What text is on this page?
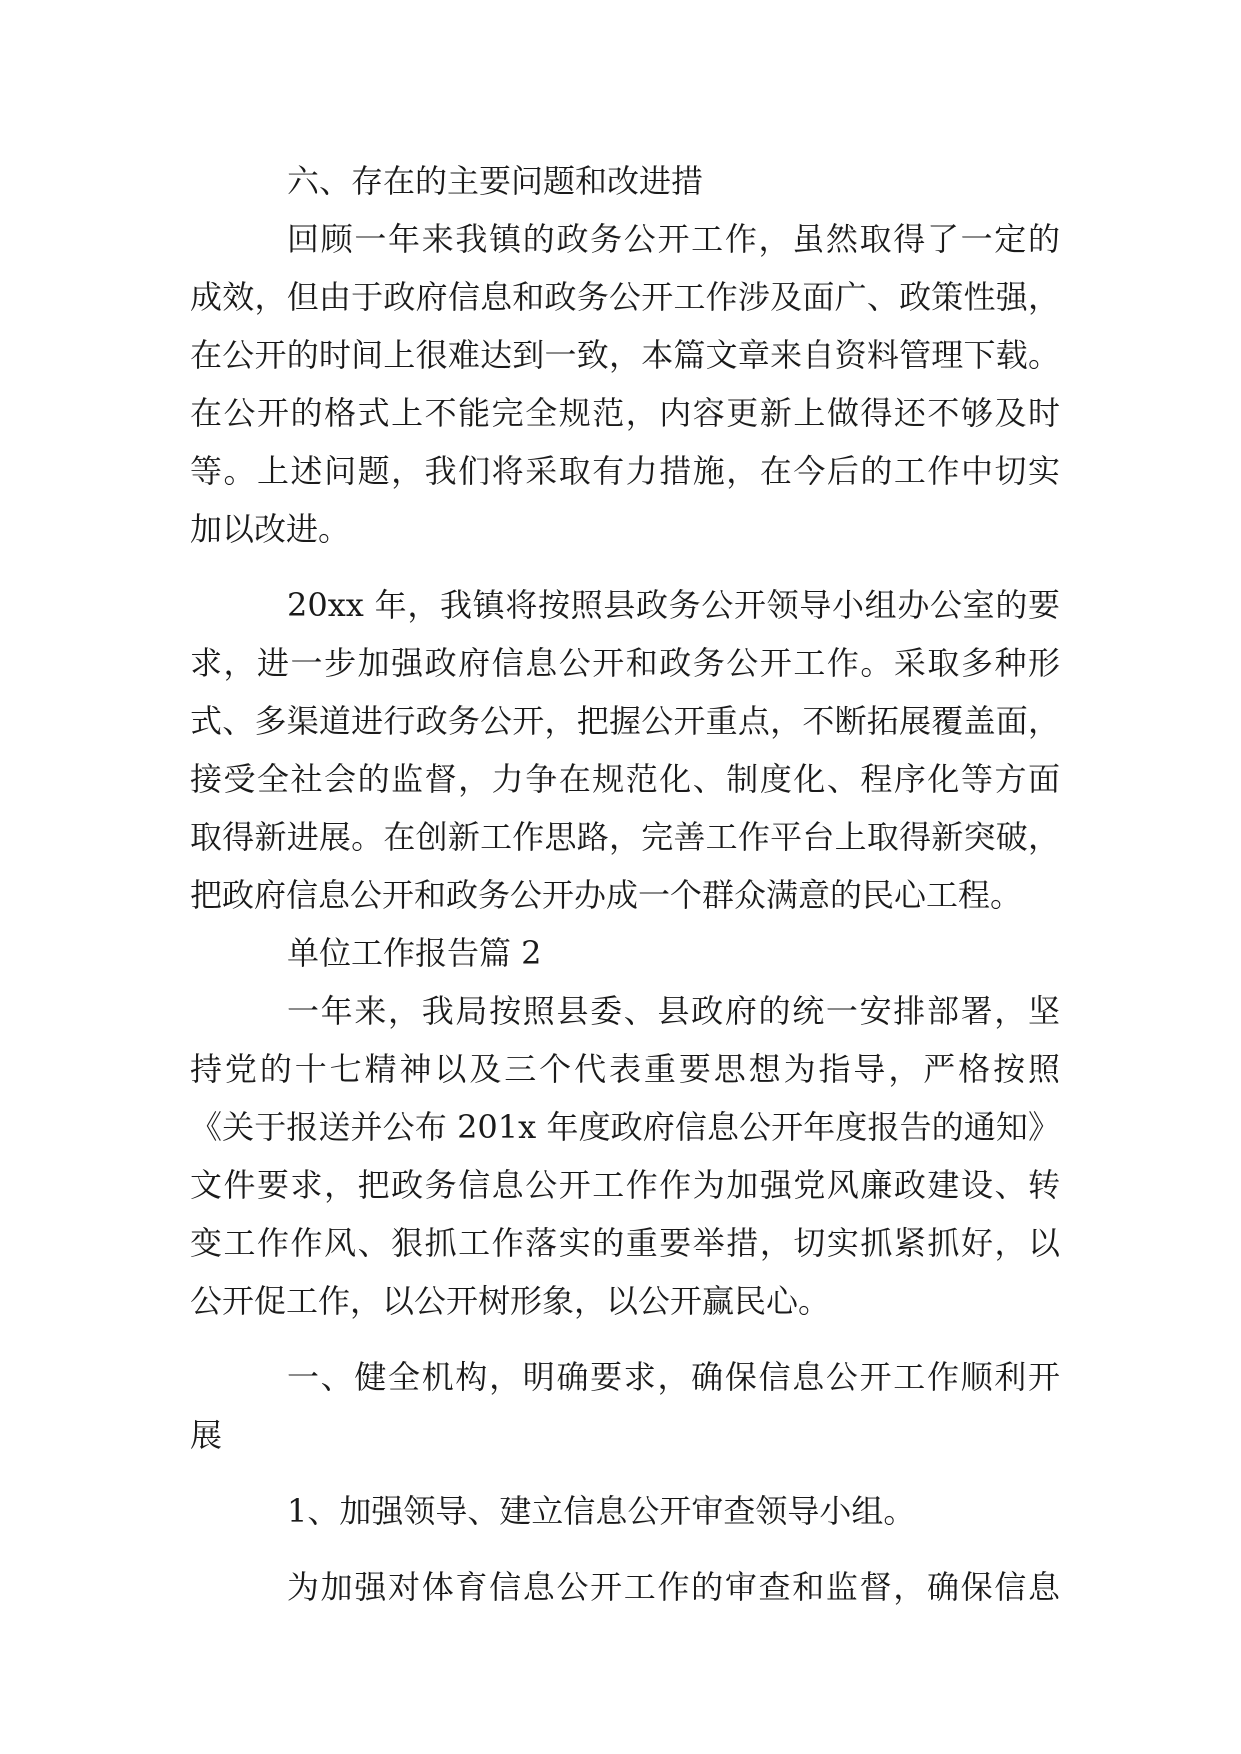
六、存在的主要问题和改进措
回顾一年来我镇的政务公开工作，虽然取得了一定的
成效，但由于政府信息和政务公开工作涉及面广、政策性强，
在公开的时间上很难达到一致，本篇文章来自资料管理下载。
在公开的格式上不能完全规范，内容更新上做得还不够及时
等。上述问题，我们将采取有力措施，在今后的工作中切实
加以改进。
20xx 年，我镇将按照县政务公开领导小组办公室的要
求，进一步加强政府信息公开和政务公开工作。采取多种形
式、多渠道进行政务公开，把握公开重点，不断拓展覆盖面，
接受全社会的监督，力争在规范化、制度化、程序化等方面
取得新进展。在创新工作思路，完善工作平台上取得新突破，
把政府信息公开和政务公开办成一个群众满意的民心工程。
单位工作报告篇 2
一年来，我局按照县委、县政府的统一安排部署，坚
持党的十七精神以及三个代表重要思想为指导，严格按照
《关于报送并公布 201x 年度政府信息公开年度报告的通知》
文件要求，把政务信息公开工作作为加强党风廉政建设、转
变工作作风、狠抓工作落实的重要举措，切实抓紧抓好，以
公开促工作，以公开树形象，以公开赢民心。
一、健全机构，明确要求，确保信息公开工作顺利开
展
1、加强领导、建立信息公开审查领导小组。
为加强对体育信息公开工作的审查和监督，确保信息
